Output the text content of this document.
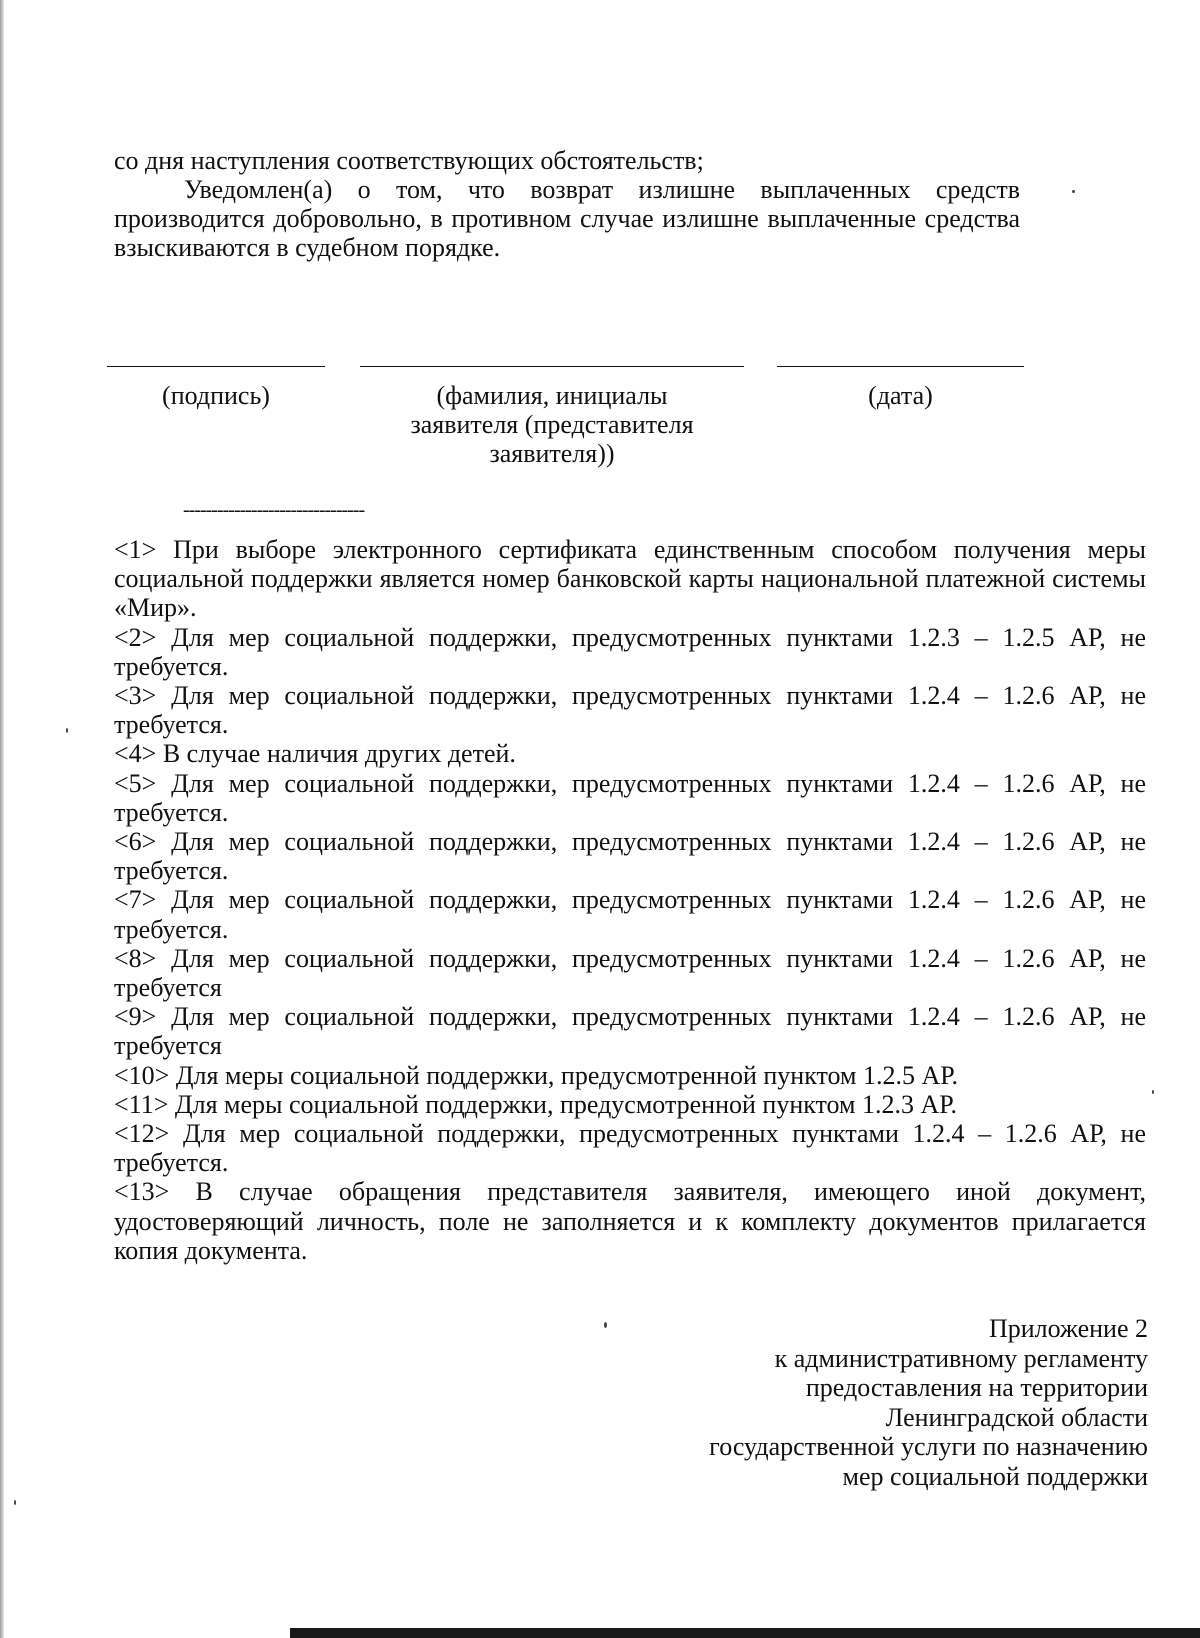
со дня наступления соответствующих обстоятельств;

Уведомлен(а) о том, что возврат излишне выплаченных средств производится добровольно, в противном случае излишне выплаченные средства взыскиваются в судебном порядке.

(подпись)	(фамилия, инициалы
заявителя (представителя
заявителя))
(дата)
--------------------------------

<1> При выборе электронного сертификата единственным способом получения меры социальной поддержки является номер банковской карты национальной платежной системы «Мир».

<2> Для мер социальной поддержки, предусмотренных пунктами 1.2.3 – 1.2.5 АР, не требуется.

<3> Для мер социальной поддержки, предусмотренных пунктами 1.2.4 – 1.2.6 АР, не требуется.

<4> В случае наличия других детей.

<5> Для мер социальной поддержки, предусмотренных пунктами 1.2.4 – 1.2.6 АР, не требуется.

<6> Для мер социальной поддержки, предусмотренных пунктами 1.2.4 – 1.2.6 АР, не требуется.

<7> Для мер социальной поддержки, предусмотренных пунктами 1.2.4 – 1.2.6 АР, не требуется.

<8> Для мер социальной поддержки, предусмотренных пунктами 1.2.4 – 1.2.6 АР, не требуется

<9> Для мер социальной поддержки, предусмотренных пунктами 1.2.4 – 1.2.6 АР, не требуется

<10> Для меры социальной поддержки, предусмотренной пунктом 1.2.5 АР.

<11> Для меры социальной поддержки, предусмотренной пунктом 1.2.3 АР.

<12> Для мер социальной поддержки, предусмотренных пунктами 1.2.4 – 1.2.6 АР, не требуется.

<13> В случае обращения представителя заявителя, имеющего иной документ, удостоверяющий личность, поле не заполняется и к комплекту документов прилагается копия документа.

Приложение 2
к административному регламенту
предоставления на территории
Ленинградской области
государственной услуги по назначению
мер социальной поддержки
